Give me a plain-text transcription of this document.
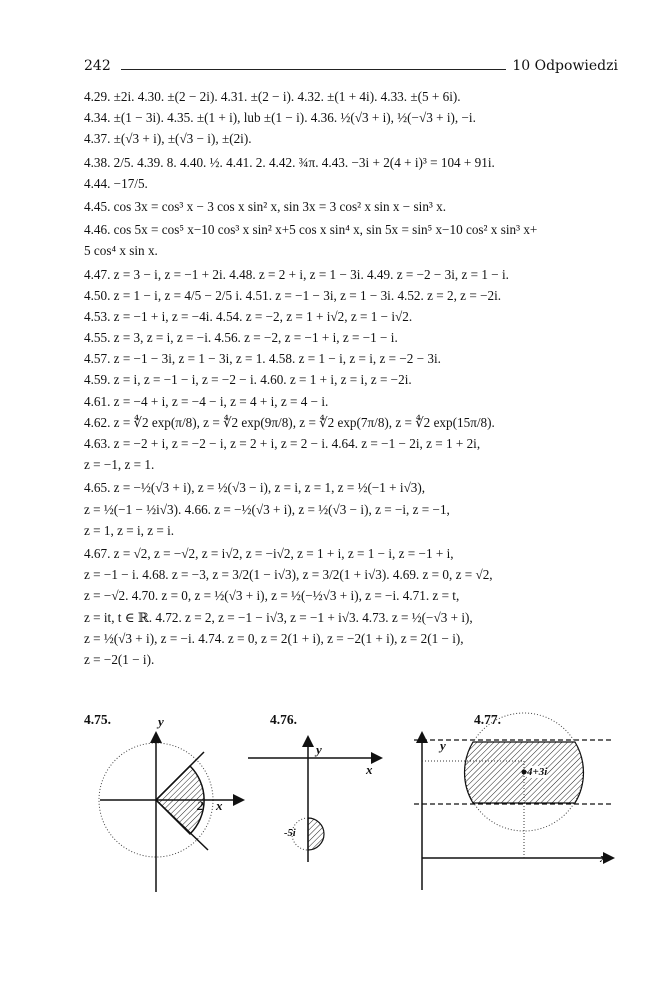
242	10 Odpowiedzi
4.29. ±2i. 4.30. ±(2 − 2i). 4.31. ±(2 − i). 4.32. ±(1 + 4i). 4.33. ±(5 + 6i).
4.34. ±(1 − 3i). 4.35. ±(1 + i), lub ±(1 − i). 4.36. ½(√3 + i), ½(−√3 + i), −i.
4.37. ±(√3 + i), ±(√3 − i), ±(2i).
4.38. 2/5. 4.39. 8. 4.40. ½. 4.41. 2. 4.42. ¾π. 4.43. −3i + 2(4 + i)³ = 104 + 91i.
4.44. −17/5.
4.45. cos 3x = cos³ x − 3 cos x sin² x, sin 3x = 3 cos² x sin x − sin³ x.
4.46. cos 5x = cos⁵ x−10 cos³ x sin² x+5 cos x sin⁴ x, sin 5x = sin⁵ x−10 cos² x sin³ x+
5 cos⁴ x sin x.
4.47. z = 3 − i, z = −1 + 2i. 4.48. z = 2 + i, z = 1 − 3i. 4.49. z = −2 − 3i, z = 1 − i.
4.50. z = 1 − i, z = 4/5 − 2/5 i. 4.51. z = −1 − 3i, z = 1 − 3i. 4.52. z = 2, z = −2i.
4.53. z = −1 + i, z = −4i. 4.54. z = −2, z = 1 + i√2, z = 1 − i√2.
4.55. z = 3, z = i, z = −i. 4.56. z = −2, z = −1 + i, z = −1 − i.
4.57. z = −1 − 3i, z = 1 − 3i, z = 1. 4.58. z = 1 − i, z = i, z = −2 − 3i.
4.59. z = i, z = −1 − i, z = −2 − i. 4.60. z = 1 + i, z = i, z = −2i.
4.61. z = −4 + i, z = −4 − i, z = 4 + i, z = 4 − i.
4.62. z = ∜2 exp(π/8), z = ∜2 exp(9π/8), z = ∜2 exp(7π/8), z = ∜2 exp(15π/8).
4.63. z = −2 + i, z = −2 − i, z = 2 + i, z = 2 − i. 4.64. z = −1 − 2i, z = 1 + 2i,
z = −1, z = 1.
4.65. z = −½(√3 + i), z = ½(√3 − i), z = i, z = 1, z = ½(−1 + i√3),
z = ½(−1 − ½i√3). 4.66. z = −½(√3 + i), z = ½(√3 − i), z = −i, z = −1,
z = 1, z = i, z = i.
4.67. z = √2, z = −√2, z = i√2, z = −i√2, z = 1 + i, z = 1 − i, z = −1 + i,
z = −1 − i. 4.68. z = −3, z = 3/2(1 − i√3), z = 3/2(1 + i√3). 4.69. z = 0, z = √2,
z = −√2. 4.70. z = 0, z = ½(√3 + i), z = ½(−½√3 + i), z = −i. 4.71. z = t,
z = it, t ∈ ℝ. 4.72. z = 2, z = −1 − i√3, z = −1 + i√3. 4.73. z = ½(−√3 + i),
z = ½(√3 + i), z = −i. 4.74. z = 0, z = 2(1 + i), z = −2(1 + i), z = 2(1 − i),
z = −2(1 − i).
4.75.	y
2 x
4.76.
y
x
-5i
4.77.
y
4+3i
x
